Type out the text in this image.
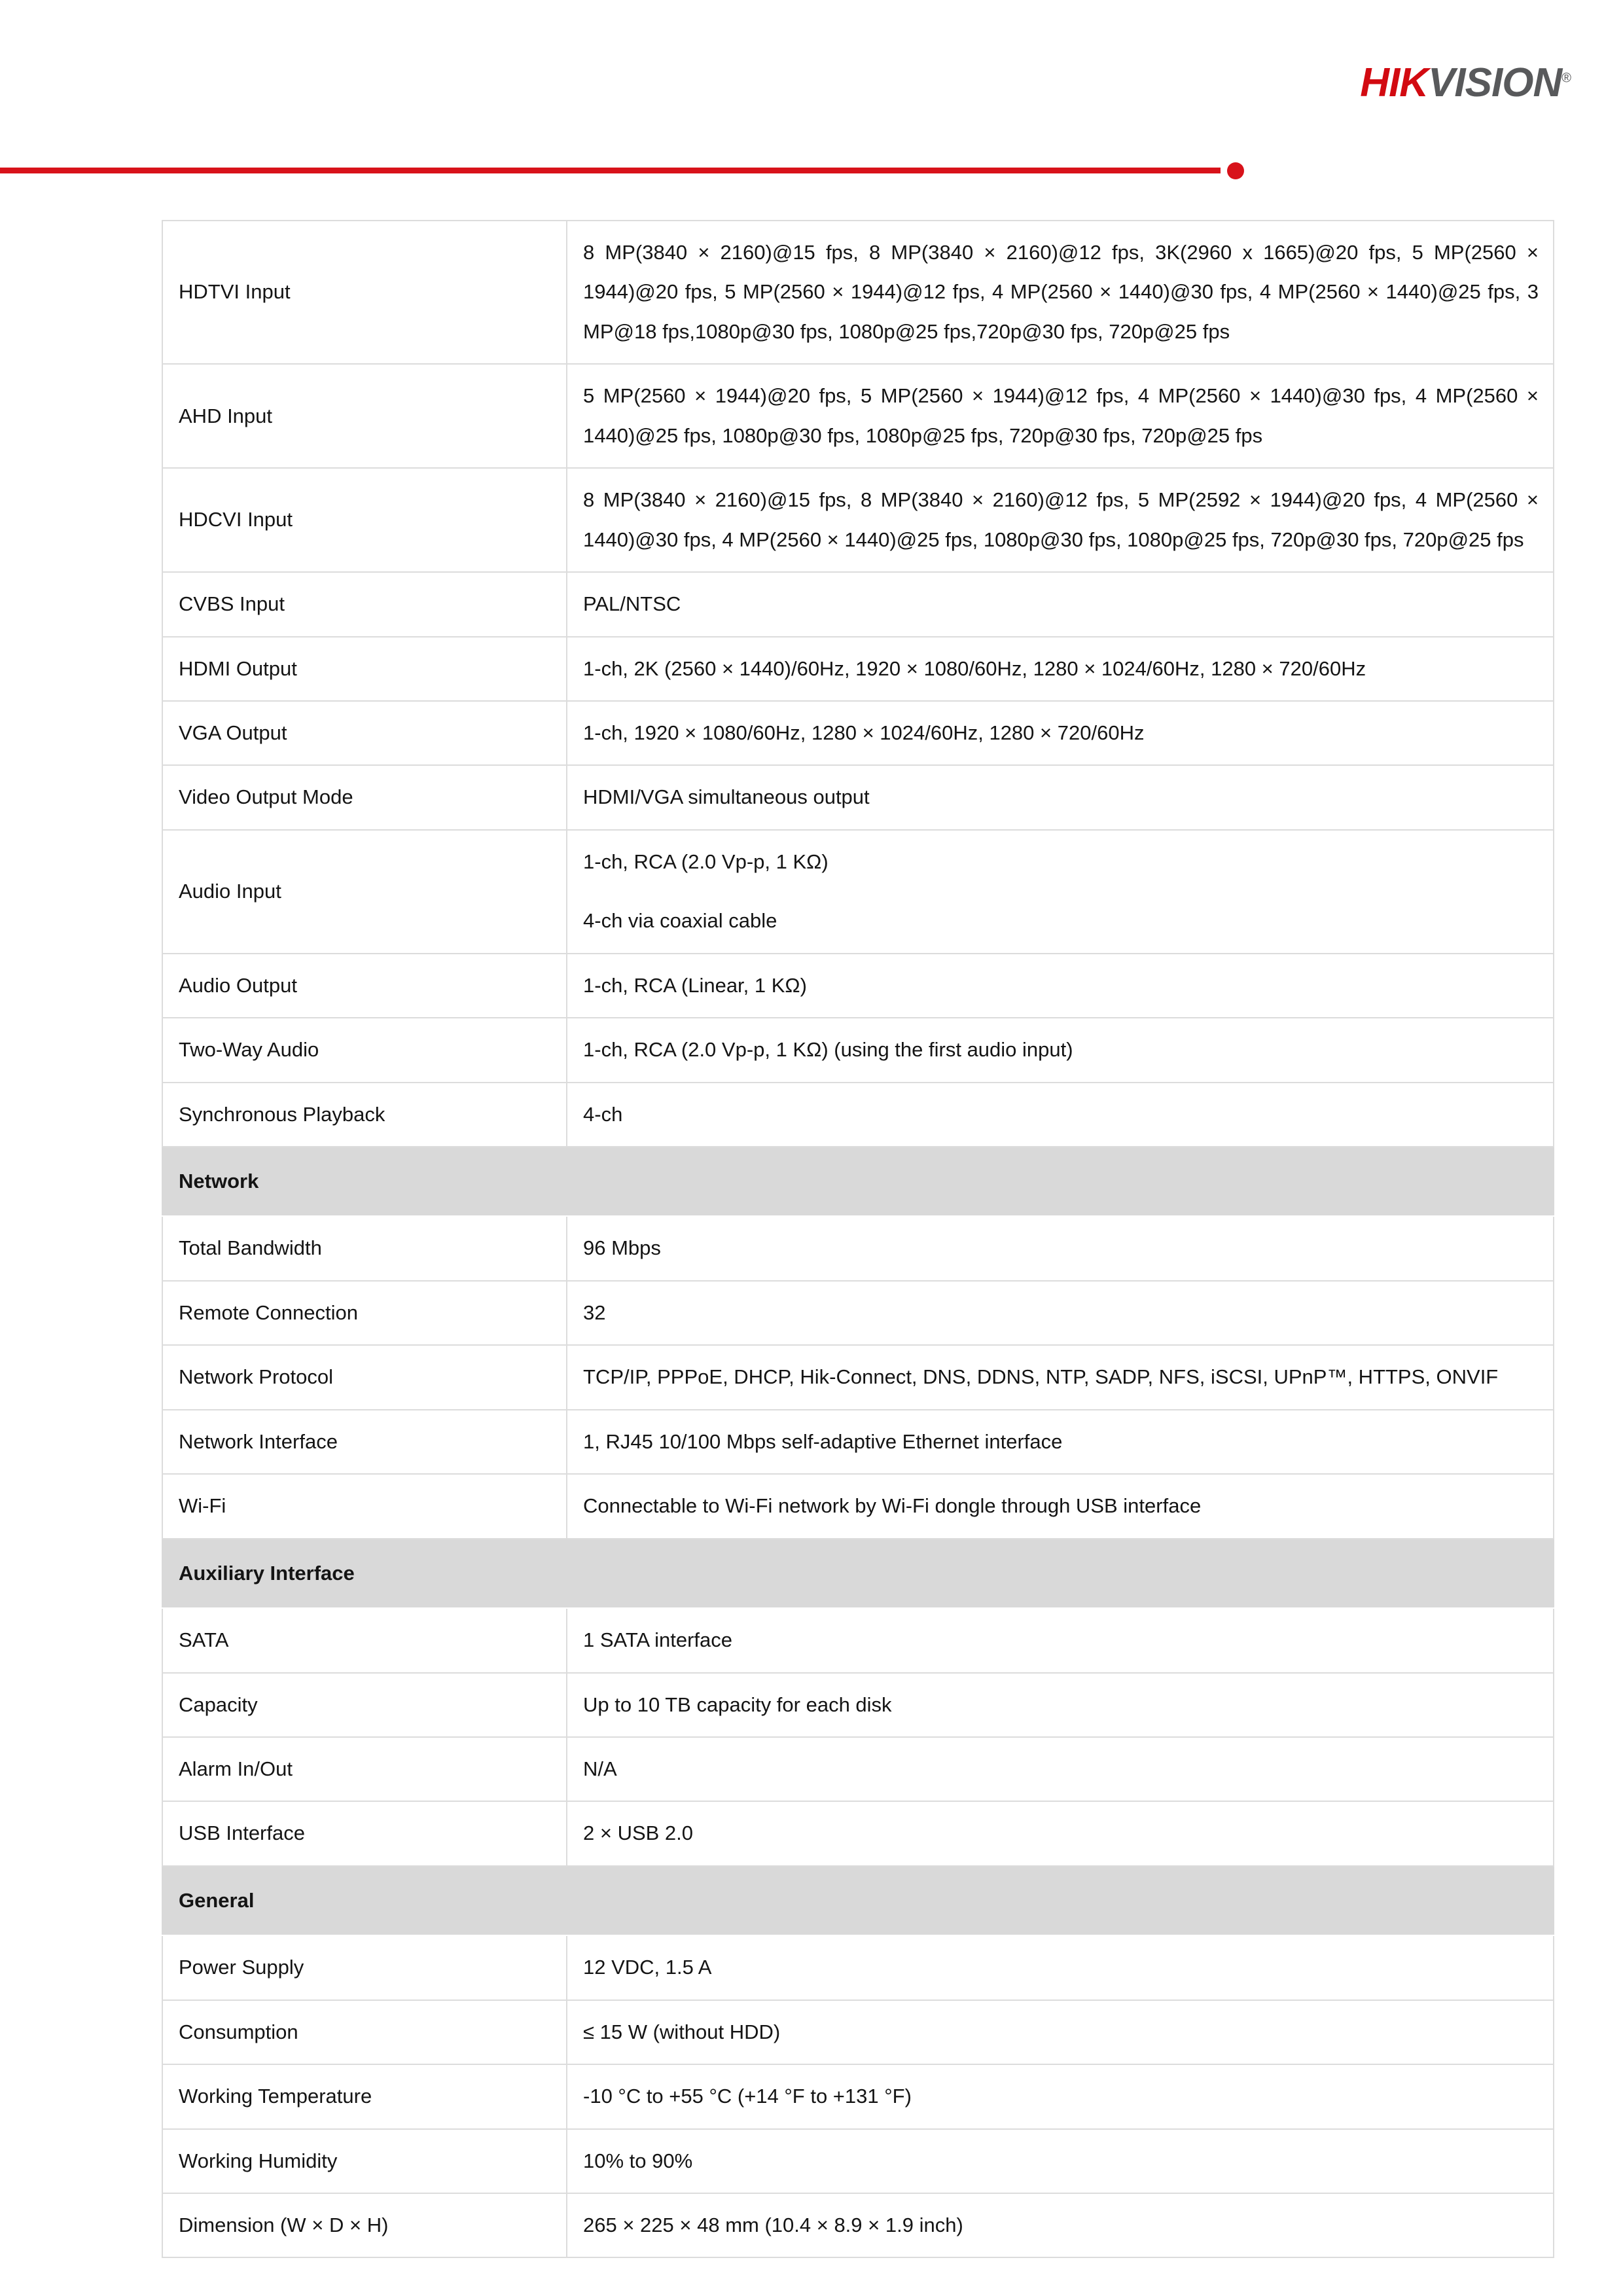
HIKVISION®
HDTVI Input	8 MP(3840 × 2160)@15 fps, 8 MP(3840 × 2160)@12 fps, 3K(2960 x 1665)@20 fps, 5 MP(2560 × 1944)@20 fps, 5 MP(2560 × 1944)@12 fps, 4 MP(2560 × 1440)@30 fps, 4 MP(2560 × 1440)@25 fps, 3 MP@18 fps,1080p@30 fps, 1080p@25 fps,720p@30 fps, 720p@25 fps

AHD Input	5 MP(2560 × 1944)@20 fps, 5 MP(2560 × 1944)@12 fps, 4 MP(2560 × 1440)@30 fps, 4 MP(2560 × 1440)@25 fps, 1080p@30 fps, 1080p@25 fps, 720p@30 fps, 720p@25 fps

HDCVI Input	8 MP(3840 × 2160)@15 fps, 8 MP(3840 × 2160)@12 fps, 5 MP(2592 × 1944)@20 fps, 4 MP(2560 × 1440)@30 fps, 4 MP(2560 × 1440)@25 fps, 1080p@30 fps, 1080p@25 fps, 720p@30 fps, 720p@25 fps

CVBS Input	PAL/NTSC

HDMI Output	1-ch, 2K (2560 × 1440)/60Hz, 1920 × 1080/60Hz, 1280 × 1024/60Hz, 1280 × 720/60Hz

VGA Output	1-ch, 1920 × 1080/60Hz, 1280 × 1024/60Hz, 1280 × 720/60Hz

Video Output Mode	HDMI/VGA simultaneous output

Audio Input	1-ch, RCA (2.0 Vp-p, 1 KΩ)
4-ch via coaxial cable

Audio Output	1-ch, RCA (Linear, 1 KΩ)

Two-Way Audio	1-ch, RCA (2.0 Vp-p, 1 KΩ) (using the first audio input)

Synchronous Playback	4-ch

Network	
Total Bandwidth	96 Mbps

Remote Connection	32

Network Protocol	TCP/IP, PPPoE, DHCP, Hik-Connect, DNS, DDNS, NTP, SADP, NFS, iSCSI, UPnP™, HTTPS, ONVIF

Network Interface	1, RJ45 10/100 Mbps self-adaptive Ethernet interface

Wi-Fi	Connectable to Wi-Fi network by Wi-Fi dongle through USB interface

Auxiliary Interface	
SATA	1 SATA interface

Capacity	Up to 10 TB capacity for each disk

Alarm In/Out	N/A

USB Interface	2 × USB 2.0

General	
Power Supply	12 VDC, 1.5 A

Consumption	≤ 15 W (without HDD)

Working Temperature	-10 °C to +55 °C (+14 °F to +131 °F)

Working Humidity	10% to 90%

Dimension (W × D × H)	265 × 225 × 48 mm (10.4 × 8.9 × 1.9 inch)
